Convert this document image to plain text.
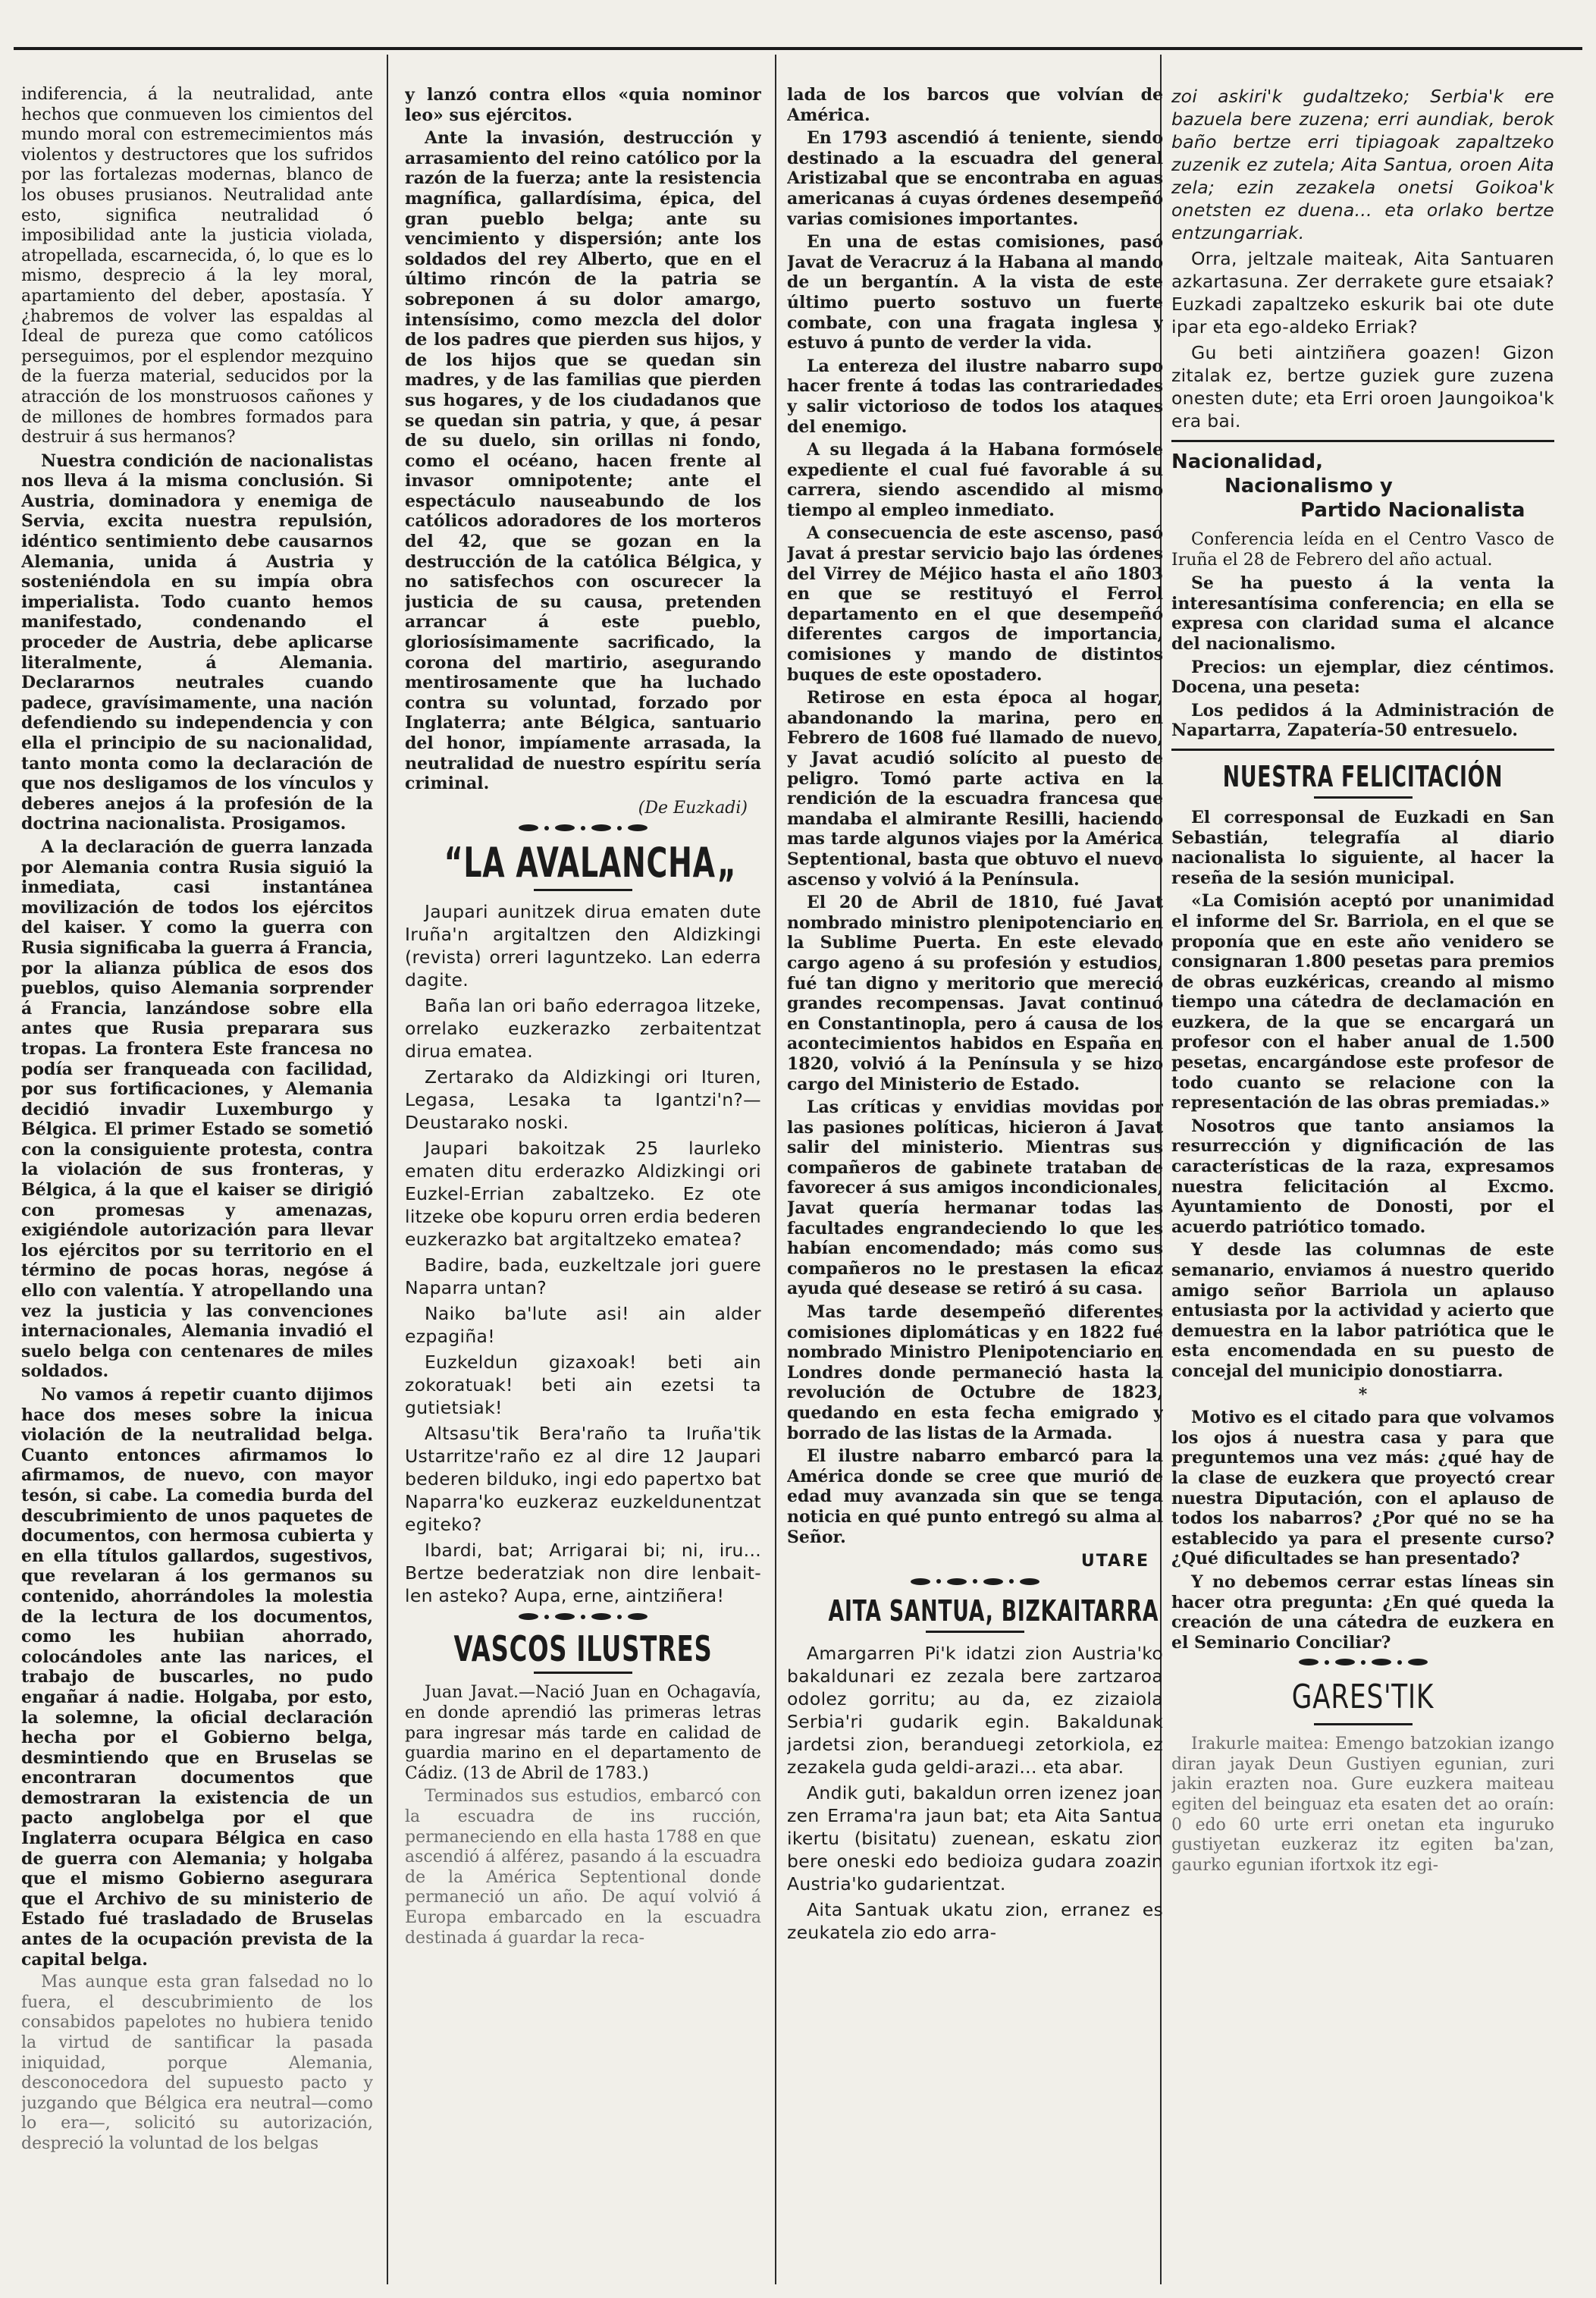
indiferencia, á la neutralidad, ante hechos que conmueven los cimientos del mundo moral con estremecimientos más violentos y destructores que los sufridos por las fortalezas modernas, blanco de los obuses prusianos. Neutralidad ante esto, significa neutralidad ó imposibilidad ante la justicia violada, atropellada, escarnecida, ó, lo que es lo mismo, desprecio á la ley moral, apartamiento del deber, apostasía. Y ¿habremos de volver las espaldas al Ideal de pureza que como católicos perseguimos, por el esplendor mezquino de la fuerza material, seducidos por la atracción de los monstruosos cañones y de millones de hombres formados para destruir á sus hermanos?

Nuestra condición de nacionalistas nos lleva á la misma conclusión. Si Austria, dominadora y enemiga de Servia, excita nuestra repulsión, idéntico sentimiento debe causarnos Alemania, unida á Austria y sosteniéndola en su impía obra imperialista. Todo cuanto hemos manifestado, condenando el proceder de Austria, debe aplicarse literalmente, á Alemania. Declararnos neutrales cuando padece, gravísimamente, una nación defendiendo su independencia y con ella el principio de su nacionalidad, tanto monta como la declaración de que nos desligamos de los vínculos y deberes anejos á la profesión de la doctrina nacionalista. Prosigamos.

A la declaración de guerra lanzada por Alemania contra Rusia siguió la inmediata, casi instantánea movilización de todos los ejércitos del kaiser. Y como la guerra con Rusia significaba la guerra á Francia, por la alianza pública de esos dos pueblos, quiso Alemania sorprender á Francia, lanzándose sobre ella antes que Rusia preparara sus tropas. La frontera Este francesa no podía ser franqueada con facilidad, por sus fortificaciones, y Alemania decidió invadir Luxemburgo y Bélgica. El primer Estado se sometió con la consiguiente protesta, contra la violación de sus fronteras, y Bélgica, á la que el kaiser se dirigió con promesas y amenazas, exigiéndole autorización para llevar los ejércitos por su territorio en el término de pocas horas, negóse á ello con valentía. Y atropellando una vez la justicia y las convenciones internacionales, Alemania invadió el suelo belga con centenares de miles soldados.

No vamos á repetir cuanto dijimos hace dos meses sobre la inicua violación de la neutralidad belga. Cuanto entonces afirmamos lo afirmamos, de nuevo, con mayor tesón, si cabe. La comedia burda del descubrimiento de unos paquetes de documentos, con hermosa cubierta y en ella títulos gallardos, sugestivos, que revelaran á los germanos su contenido, ahorrándoles la molestia de la lectura de los documentos, como les hubiian ahorrado, colocándoles ante las narices, el trabajo de buscarles, no pudo engañar á nadie. Holgaba, por esto, la solemne, la oficial declaración hecha por el Gobierno belga, desmintiendo que en Bruselas se encontraran documentos que demostraran la existencia de un pacto anglobelga por el que Inglaterra ocupara Bélgica en caso de guerra con Alemania; y holgaba que el mismo Gobierno asegurara que el Archivo de su ministerio de Estado fué trasladado de Bruselas antes de la ocupación prevista de la capital belga.

Mas aunque esta gran falsedad no lo fuera, el descubrimiento de los consabidos papelotes no hubiera tenido la virtud de santificar la pasada iniquidad, porque Alemania, desconocedora del supuesto pacto y juzgando que Bélgica era neutral—como lo era—, solicitó su autorización, despreció la voluntad de los belgas

y lanzó contra ellos «quia nominor leo» sus ejércitos.

Ante la invasión, destrucción y arrasamiento del reino católico por la razón de la fuerza; ante la resistencia magnífica, gallardísima, épica, del gran pueblo belga; ante su vencimiento y dispersión; ante los soldados del rey Alberto, que en el último rincón de la patria se sobreponen á su dolor amargo, intensísimo, como mezcla del dolor de los padres que pierden sus hijos, y de los hijos que se quedan sin madres, y de las familias que pierden sus hogares, y de los ciudadanos que se quedan sin patria, y que, á pesar de su duelo, sin orillas ni fondo, como el océano, hacen frente al invasor omnipotente; ante el espectáculo nauseabundo de los católicos adoradores de los morteros del 42, que se gozan en la destrucción de la católica Bélgica, y no satisfechos con oscurecer la justicia de su causa, pretenden arrancar á este pueblo, gloriosísimamente sacrificado, la corona del martirio, asegurando mentirosamente que ha luchado contra su voluntad, forzado por Inglaterra; ante Bélgica, santuario del honor, impíamente arrasada, la neutralidad de nuestro espíritu sería criminal.

(De Euzkadi)
“LA AVALANCHA„

Jaupari aunitzek dirua ematen dute Iruña'n argitaltzen den Aldizkingi (revista) orreri Iaguntzeko. Lan ederra dagite.

Baña lan ori baño ederragoa litzeke, orrelako euzkerazko zerbaitentzat dirua ematea.

Zertarako da Aldizkingi ori Ituren, Legasa, Lesaka ta Igantzi'n?—Deustarako noski.

Jaupari bakoitzak 25 laurleko ematen ditu erderazko Aldizkingi ori Euzkel-Errian zabaltzeko. Ez ote litzeke obe kopuru orren erdia bederen euzkerazko bat argitaltzeko ematea?

Badire, bada, euzkeltzale jori guere Naparra untan?

Naiko ba'lute asi! ain alder ezpagiña!

Euzkeldun gizaxoak! beti ain zokoratuak! beti ain ezetsi ta gutietsiak!

Altsasu'tik Bera'raño ta Iruña'tik Ustarritze'raño ez al dire 12 Jaupari bederen bilduko, ingi edo papertxo bat Naparra'ko euzkeraz euzkeldunentzat egiteko?

Ibardi, bat; Arrigarai bi; ni, iru... Bertze bederatziak non dire lenbait-len asteko? Aupa, erne, aintziñera!

VASCOS ILUSTRES

Juan Javat.—Nació Juan en Ochagavía, en donde aprendió las primeras letras para ingresar más tarde en calidad de guardia marino en el departamento de Cádiz. (13 de Abril de 1783.)

Terminados sus estudios, embarcó con la escuadra de ins rucción, permaneciendo en ella hasta 1788 en que ascendió á alférez, pasando á la escuadra de la América Septentional donde permaneció un año. De aquí volvió á Europa embarcado en la escuadra destinada á guardar la reca-

lada de los barcos que volvían de América.

En 1793 ascendió á teniente, siendo destinado a la escuadra del general Aristizabal que se encontraba en aguas americanas á cuyas órdenes desempeñó varias comisiones importantes.

En una de estas comisiones, pasó Javat de Veracruz á la Habana al mando de un bergantín. A la vista de este último puerto sostuvo un fuerte combate, con una fragata inglesa y estuvo á punto de verder la vida.

La entereza del ilustre nabarro supo hacer frente á todas las contrariedades y salir victorioso de todos los ataques del enemigo.

A su llegada á la Habana formósele expediente el cual fué favorable á su carrera, siendo ascendido al mismo tiempo al empleo inmediato.

A consecuencia de este ascenso, pasó Javat á prestar servicio bajo las órdenes del Virrey de Méjico hasta el año 1803 en que se restituyó el Ferrol departamento en el que desempeñó diferentes cargos de importancia, comisiones y mando de distintos buques de este opostadero.

Retirose en esta época al hogar, abandonando la marina, pero en Febrero de 1608 fué llamado de nuevo, y Javat acudió solícito al puesto de peligro. Tomó parte activa en la rendición de la escuadra francesa que mandaba el almirante Resilli, haciendo mas tarde algunos viajes por la América Septentional, basta que obtuvo el nuevo ascenso y volvió á la Península.

El 20 de Abril de 1810, fué Javat nombrado ministro plenipotenciario en la Sublime Puerta. En este elevado cargo ageno á su profesión y estudios, fué tan digno y meritorio que mereció grandes recompensas. Javat continuó en Constantinopla, pero á causa de los acontecimientos habidos en España en 1820, volvió á la Península y se hizo cargo del Ministerio de Estado.

Las críticas y envidias movidas por las pasiones políticas, hicieron á Javat salir del ministerio. Mientras sus compañeros de gabinete trataban de favorecer á sus amigos incondicionales, Javat quería hermanar todas las facultades engrandeciendo lo que les habían encomendado; más como sus compañeros no le prestasen la eficaz ayuda qué desease se retiró á su casa.

Mas tarde desempeñó diferentes comisiones diplomáticas y en 1822 fué nombrado Ministro Plenipotenciario en Londres donde permaneció hasta la revolución de Octubre de 1823, quedando en esta fecha emigrado y borrado de las listas de la Armada.

El ilustre nabarro embarcó para la América donde se cree que murió de edad muy avanzada sin que se tenga noticia en qué punto entregó su alma al Señor.

UTARE
AITA SANTUA, BIZKAITARRA

Amargarren Pi'k idatzi zion Austria'ko bakaldunari ez zezala bere zartzaroa odolez gorritu; au da, ez zizaiola Serbia'ri gudarik egin. Bakaldunak jardetsi zion, beranduegi zetorkiola, ez zezakela guda geldi-arazi... eta abar.

Andik guti, bakaldun orren izenez joan zen Errama'ra jaun bat; eta Aita Santua ikertu (bisitatu) zuenean, eskatu zion bere oneski edo bedioiza gudara zoazin Austria'ko gudarientzat.

Aita Santuak ukatu zion, erranez es zeukatela zio edo arra-

zoi askiri'k gudaltzeko; Serbia'k ere bazuela bere zuzena; erri aundiak, berok baño bertze erri tipiagoak zapaltzeko zuzenik ez zutela; Aita Santua, oroen Aita zela; ezin zezakela onetsi Goikoa'k onetsten ez duena... eta orlako bertze entzungarriak.

Orra, jeltzale maiteak, Aita Santuaren azkartasuna. Zer derrakete gure etsaiak? Euzkadi zapaltzeko eskurik bai ote dute ipar eta ego-aldeko Erriak?

Gu beti aintziñera goazen! Gizon zitalak ez, bertze guziek gure zuzena onesten dute; eta Erri oroen Jaungoikoa'k era bai.

Nacionalidad,
Nacionalismo y
Partido Nacionalista

Conferencia leída en el Centro Vasco de Iruña el 28 de Febrero del año actual.

Se ha puesto á la venta la interesantísima conferencia; en ella se expresa con claridad suma el alcance del nacionalismo.

Precios: un ejemplar, diez céntimos. Docena, una peseta:

Los pedidos á la Administración de Napartarra, Zapatería-50 entresuelo.

NUESTRA FELICITACIÓN

El corresponsal de Euzkadi en San Sebastián, telegrafía al diario nacionalista lo siguiente, al hacer la reseña de la sesión municipal.

«La Comisión aceptó por unanimidad el informe del Sr. Barriola, en el que se proponía que en este año venidero se consignaran 1.800 pesetas para premios de obras euzkéricas, creando al mismo tiempo una cátedra de declamación en euzkera, de la que se encargará un profesor con el haber anual de 1.500 pesetas, encargándose este profesor de todo cuanto se relacione con la representación de las obras premiadas.»

Nosotros que tanto ansiamos la resurrección y dignificación de las características de la raza, expresamos nuestra felicitación al Excmo. Ayuntamiento de Donosti, por el acuerdo patriótico tomado.

Y desde las columnas de este semanario, enviamos á nuestro querido amigo señor Barriola un aplauso entusiasta por la actividad y acierto que demuestra en la labor patriótica que le esta encomendada en su puesto de concejal del municipio donostiarra.

*

Motivo es el citado para que volvamos los ojos á nuestra casa y para que preguntemos una vez más: ¿qué hay de la clase de euzkera que proyectó crear nuestra Diputación, con el aplauso de todos los nabarros? ¿Por qué no se ha establecido ya para el presente curso? ¿Qué dificultades se han presentado?

Y no debemos cerrar estas líneas sin hacer otra pregunta: ¿En qué queda la creación de una cátedra de euzkera en el Seminario Conciliar?

GARES'TIK

Irakurle maitea: Emengo batzokian izango diran jayak Deun Gustiyen egunian, zuri jakin erazten noa. Gure euzkera maiteau egiten del beinguaz eta esaten det ao oraín: 0 edo 60 urte erri onetan eta inguruko gustiyetan euzkeraz itz egiten ba'zan, gaurko egunian ifortxok itz egi-
